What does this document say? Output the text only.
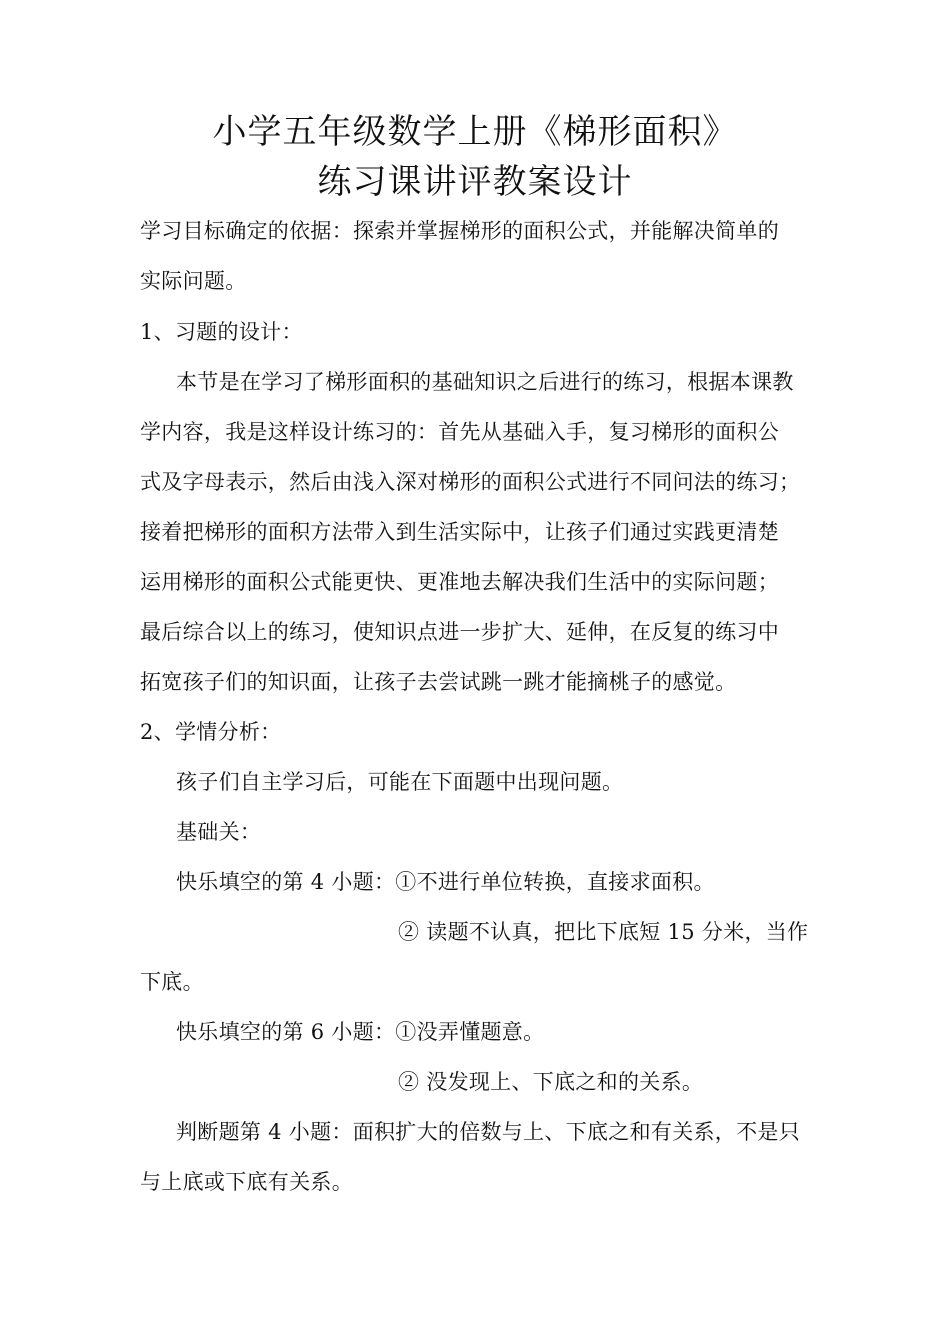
小学五年级数学上册《梯形面积》
练习课讲评教案设计
学习目标确定的依据：探索并掌握梯形的面积公式，并能解决简单的
实际问题。
1、习题的设计：
本节是在学习了梯形面积的基础知识之后进行的练习，根据本课教
学内容，我是这样设计练习的：首先从基础入手，复习梯形的面积公
式及字母表示，然后由浅入深对梯形的面积公式进行不同问法的练习；
接着把梯形的面积方法带入到生活实际中，让孩子们通过实践更清楚
运用梯形的面积公式能更快、更准地去解决我们生活中的实际问题；
最后综合以上的练习，使知识点进一步扩大、延伸，在反复的练习中
拓宽孩子们的知识面，让孩子去尝试跳一跳才能摘桃子的感觉。
2、学情分析：
孩子们自主学习后，可能在下面题中出现问题。
基础关：
快乐填空的第 4 小题：①不进行单位转换，直接求面积。
② 读题不认真，把比下底短 15 分米，当作
下底。
快乐填空的第 6 小题：①没弄懂题意。
② 没发现上、下底之和的关系。
判断题第 4 小题：面积扩大的倍数与上、下底之和有关系，不是只
与上底或下底有关系。
